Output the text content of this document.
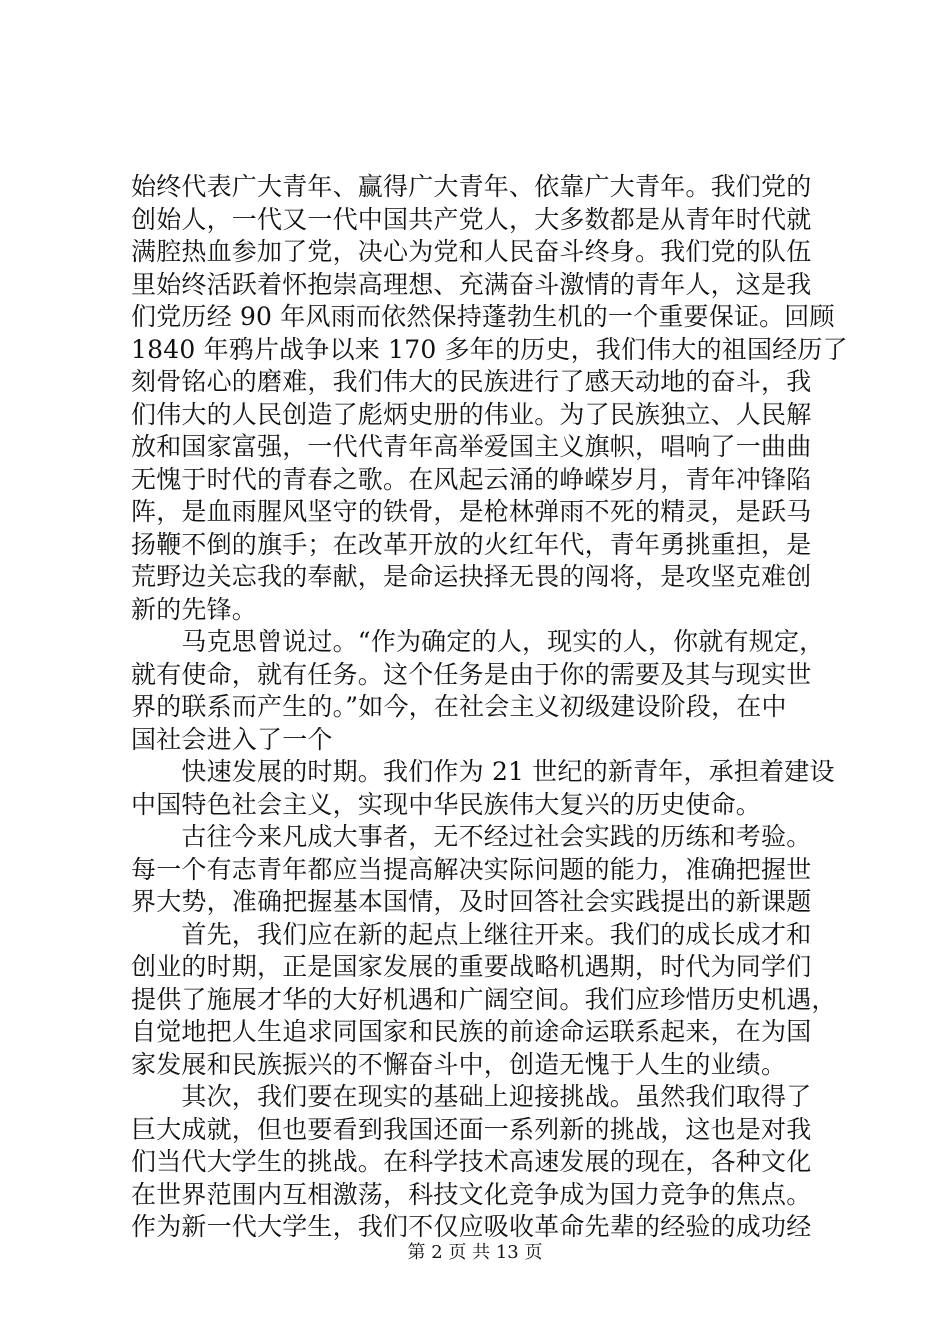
始终代表广大青年、赢得广大青年、依靠广大青年。我们党的
创始人，一代又一代中国共产党人，大多数都是从青年时代就
满腔热血参加了党，决心为党和人民奋斗终身。我们党的队伍
里始终活跃着怀抱崇高理想、充满奋斗激情的青年人，这是我
们党历经 90 年风雨而依然保持蓬勃生机的一个重要保证。回顾
1840 年鸦片战争以来 170 多年的历史，我们伟大的祖国经历了
刻骨铭心的磨难，我们伟大的民族进行了感天动地的奋斗，我
们伟大的人民创造了彪炳史册的伟业。为了民族独立、人民解
放和国家富强，一代代青年高举爱国主义旗帜，唱响了一曲曲
无愧于时代的青春之歌。在风起云涌的峥嵘岁月，青年冲锋陷
阵，是血雨腥风坚守的铁骨，是枪林弹雨不死的精灵，是跃马
扬鞭不倒的旗手；在改革开放的火红年代，青年勇挑重担，是
荒野边关忘我的奉献，是命运抉择无畏的闯将，是攻坚克难创
新的先锋。
　　马克思曾说过。“作为确定的人，现实的人，你就有规定，
就有使命，就有任务。这个任务是由于你的需要及其与现实世
界的联系而产生的。”如今，在社会主义初级建设阶段，在中
国社会进入了一个
　　快速发展的时期。我们作为 21 世纪的新青年，承担着建设
中国特色社会主义，实现中华民族伟大复兴的历史使命。
　　古往今来凡成大事者，无不经过社会实践的历练和考验。
每一个有志青年都应当提高解决实际问题的能力，准确把握世
界大势，准确把握基本国情，及时回答社会实践提出的新课题
　　首先，我们应在新的起点上继往开来。我们的成长成才和
创业的时期，正是国家发展的重要战略机遇期，时代为同学们
提供了施展才华的大好机遇和广阔空间。我们应珍惜历史机遇，
自觉地把人生追求同国家和民族的前途命运联系起来，在为国
家发展和民族振兴的不懈奋斗中，创造无愧于人生的业绩。
　　其次，我们要在现实的基础上迎接挑战。虽然我们取得了
巨大成就，但也要看到我国还面一系列新的挑战，这也是对我
们当代大学生的挑战。在科学技术高速发展的现在，各种文化
在世界范围内互相激荡，科技文化竞争成为国力竞争的焦点。
作为新一代大学生，我们不仅应吸收革命先辈的经验的成功经
第 2 页 共 13 页
